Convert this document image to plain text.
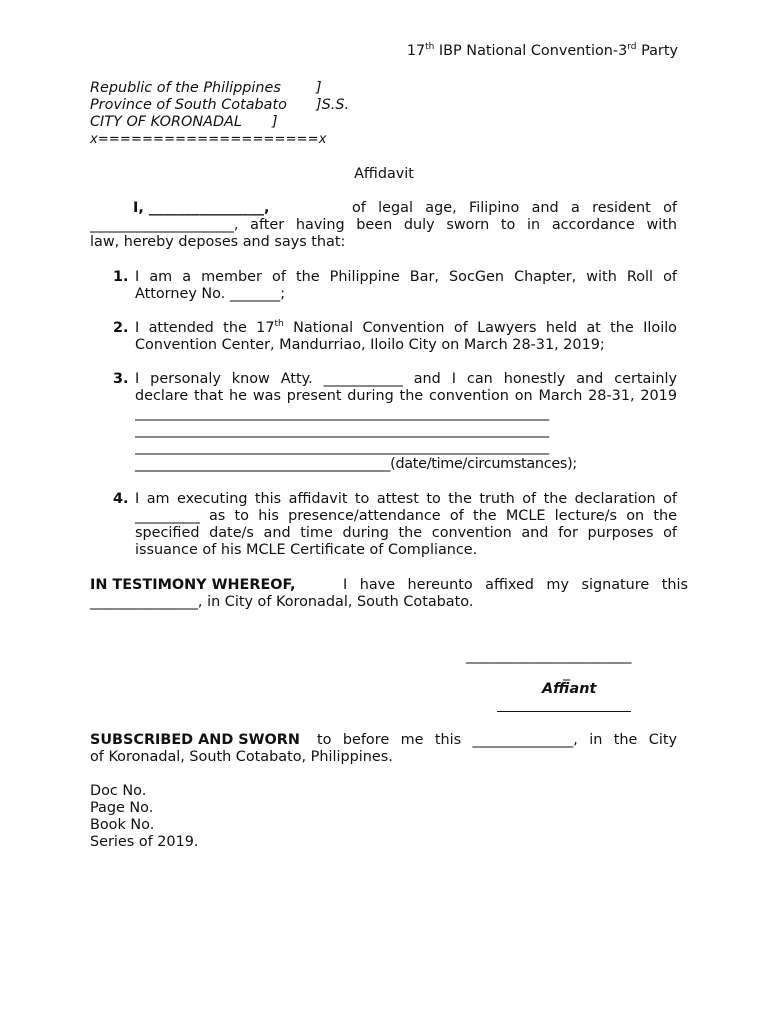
17th IBP National Convention-3rd Party
Republic of the Philippines ]
Province of South Cotabato ]S.S.
CITY OF KORONADAL ]
x====================x
Affidavit
I, ________________,	of legal age, Filipino and a resident of
____________________, after having been duly sworn to in accordance with
law, hereby deposes and says that:
1. I am a member of the Philippine Bar, SocGen Chapter, with Roll of
Attorney No. _______;
2. I attended the 17th National Convention of Lawyers held at the Iloilo
Convention Center, Mandurriao, Iloilo City on March 28-31, 2019;
3. I personaly know Atty. ___________ and I can honestly and certainly
declare that he was present during the convention on March 28-31, 2019
____________________________________________________________
____________________________________________________________
____________________________________________________________
_____________________________________(date/time/circumstances);
4. I am executing this affidavit to attest to the truth of the declaration of
_________ as to his presence/attendance of the MCLE lecture/s on the
specified date/s and time during the convention and for purposes of
issuance of his MCLE Certificate of Compliance.
IN TESTIMONY WHEREOF,	I have hereunto affixed my signature this
_______________, in City of Koronadal, South Cotabato.
_______________________
_
Affiant
SUBSCRIBED AND SWORN to before me this ______________, in the City
of Koronadal, South Cotabato, Philippines.
Doc No.
Page No.
Book No.
Series of 2019.
